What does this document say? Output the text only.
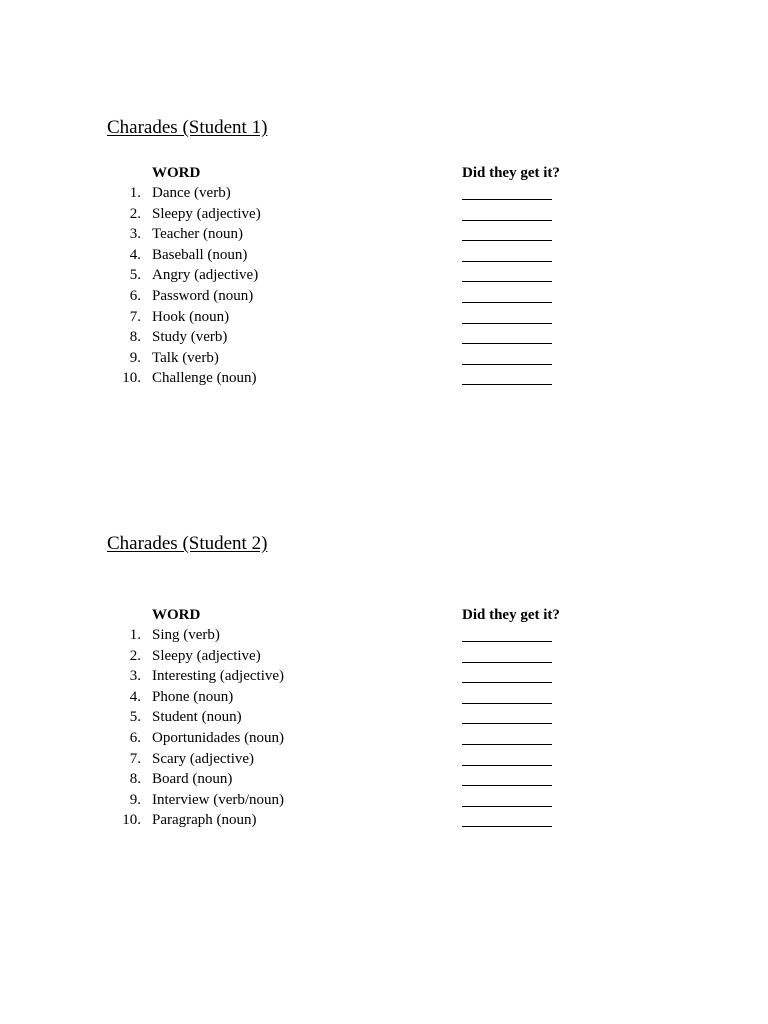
Charades (Student 1)
WORD	Did they get it?
1. Dance (verb)
2. Sleepy (adjective)
3. Teacher (noun)
4. Baseball (noun)
5. Angry (adjective)
6. Password (noun)
7. Hook (noun)
8. Study (verb)
9. Talk (verb)
10. Challenge (noun)
Charades (Student 2)
WORD	Did they get it?
1. Sing (verb)
2. Sleepy (adjective)
3. Interesting (adjective)
4. Phone (noun)
5. Student (noun)
6. Oportunidades (noun)
7. Scary (adjective)
8. Board (noun)
9. Interview (verb/noun)
10. Paragraph (noun)
